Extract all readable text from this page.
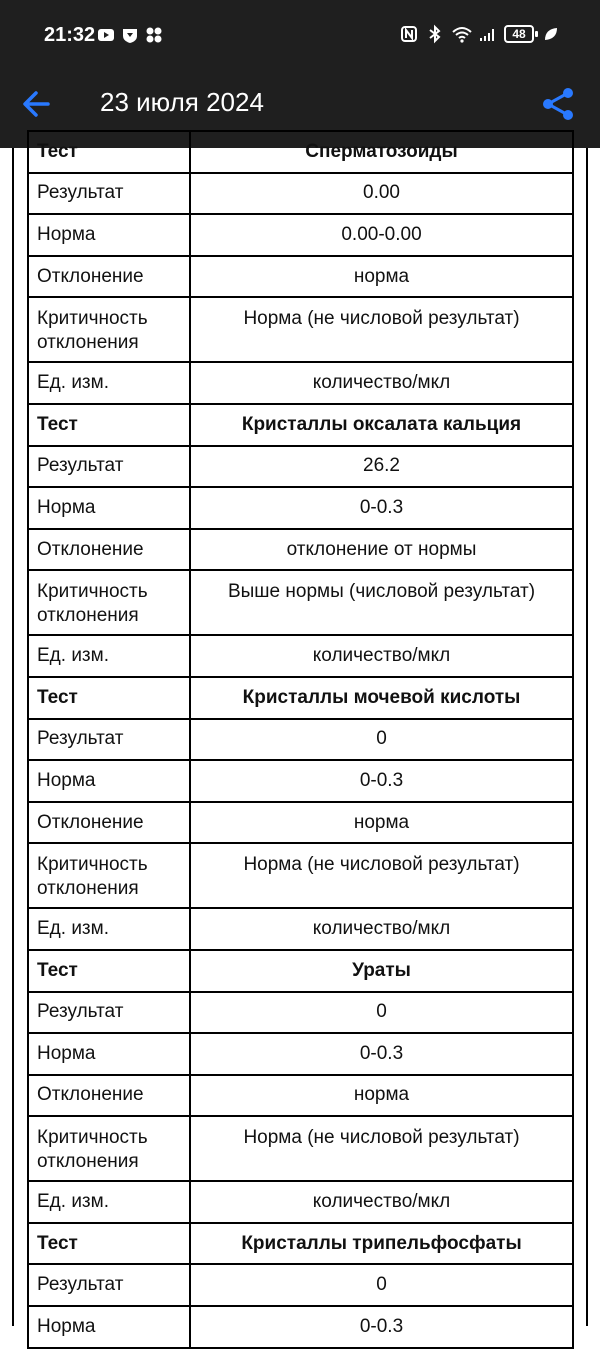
21:32	48
23 июля 2024
Тест	Сперматозоиды
Результат	0.00
Норма	0.00-0.00
Отклонение	норма
Критичность отклонения	Норма (не числовой результат)
Ед. изм.	количество/мкл
Тест	Кристаллы оксалата кальция
Результат	26.2
Норма	0-0.3
Отклонение	отклонение от нормы
Критичность отклонения	Выше нормы (числовой результат)
Ед. изм.	количество/мкл
Тест	Кристаллы мочевой кислоты
Результат	0
Норма	0-0.3
Отклонение	норма
Критичность отклонения	Норма (не числовой результат)
Ед. изм.	количество/мкл
Тест	Ураты
Результат	0
Норма	0-0.3
Отклонение	норма
Критичность отклонения	Норма (не числовой результат)
Ед. изм.	количество/мкл
Тест	Кристаллы трипельфосфаты
Результат	0
Норма	0-0.3
